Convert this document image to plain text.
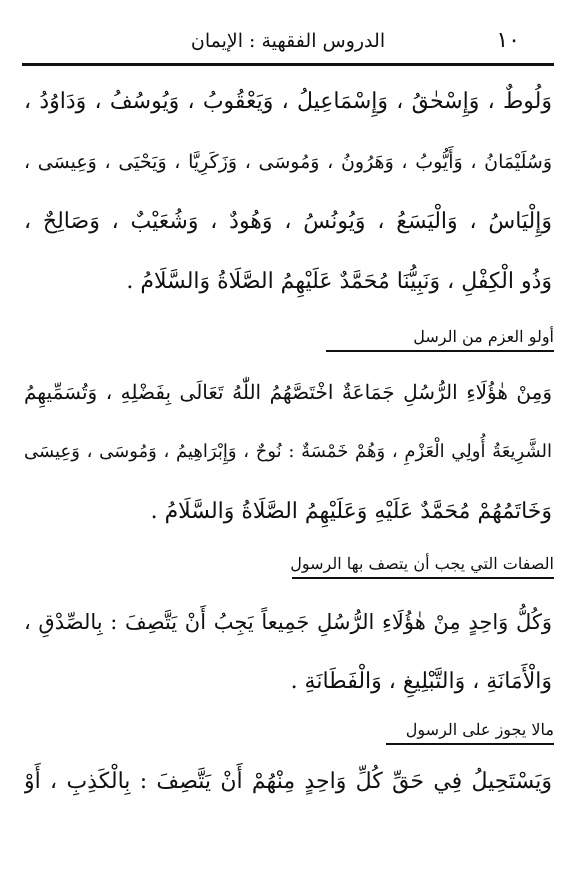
١٠
الدروس الفقهية : الإيمان
وَلُوطٌ ، وَإِسْحٰقُ ، وَإِسْمَاعِيلُ ، وَيَعْقُوبُ ، وَيُوسُفُ ، وَدَاوُدُ ،
وَسُلَيْمَانُ ، وَأَيُّوبُ ، وَهَرُونُ ، وَمُوسَى ، وَزَكَرِيَّا ، وَيَحْيَى ، وَعِيسَى ،
وَإِلْيَاسُ ، وَالْيَسَعُ ، وَيُونُسُ ، وَهُودٌ ، وَشُعَيْبٌ ، وَصَالِحٌ ،
وَذُو الْكِفْلِ ، وَنَبِيُّنَا مُحَمَّدٌ عَلَيْهِمُ الصَّلَاةُ وَالسَّلَامُ .
أولو العزم من الرسل
وَمِنْ هٰؤُلَاءِ الرُّسُلِ جَمَاعَةٌ اخْتَصَّهُمُ اللّٰهُ تَعَالَى بِفَضْلِهِ ، وَتُسَمِّيهِمُ
الشَّرِيعَةُ أُولِي الْعَزْمِ ، وَهُمْ خَمْسَةٌ : نُوحٌ ، وَإِبْرَاهِيمُ ، وَمُوسَى ، وَعِيسَى
وَخَاتَمُهُمْ مُحَمَّدٌ عَلَيْهِ وَعَلَيْهِمُ الصَّلَاةُ وَالسَّلَامُ .
الصفات التي يجب أن يتصف بها الرسول
وَكُلُّ وَاحِدٍ مِنْ هٰؤُلَاءِ الرُّسُلِ جَمِيعاً يَجِبُ أَنْ يَتَّصِفَ : بِالصِّدْقِ ،
وَالْأَمَانَةِ ، وَالتَّبْلِيغِ ، وَالْفَطَانَةِ .
مالا يجوز على الرسول
وَيَسْتَحِيلُ فِي حَقِّ كُلِّ وَاحِدٍ مِنْهُمْ أَنْ يَتَّصِفَ : بِالْكَذِبِ ، أَوْ
